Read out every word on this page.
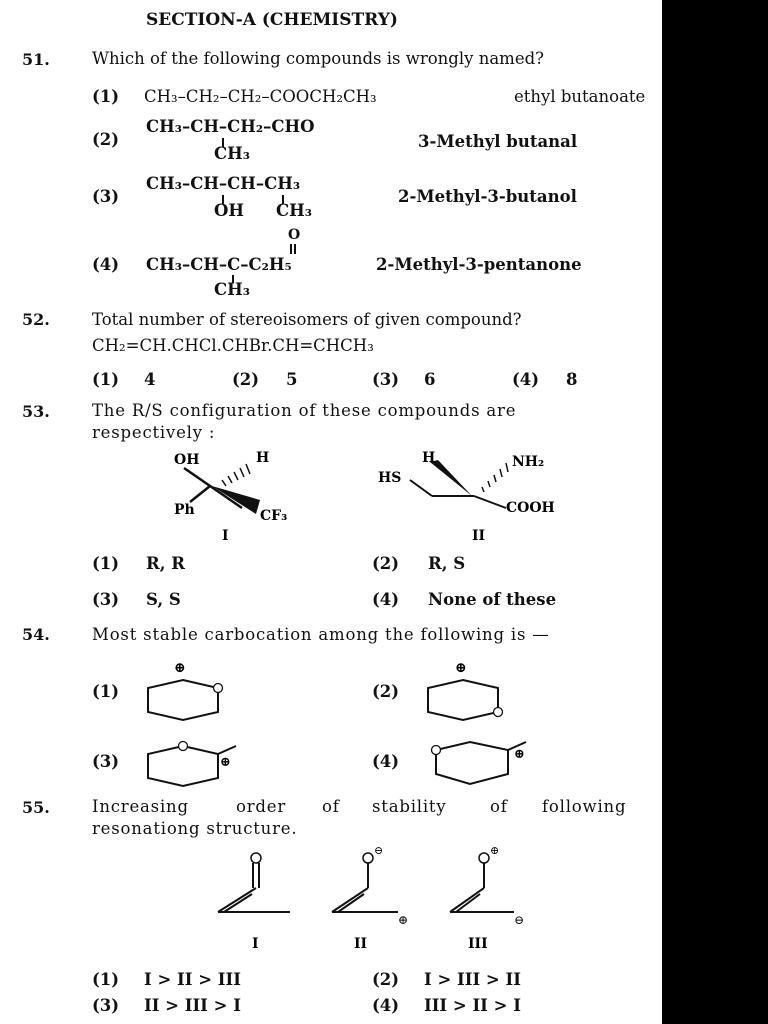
SECTION-A (CHEMISTRY)
51.	Which of the following compounds is wrongly named?
(1) CH₃–CH₂–CH₂–COOCH₂CH₃	ethyl butanoate
(2)
CH₃–CH–CH₂–CHO
CH₃
3-Methyl butanal
(3)
CH₃–CH–CH–CH₃
OH CH₃
2-Methyl-3-butanol
O
(4) CH₃–CH–C–C₂H₅
CH₃
2-Methyl-3-pentanone
52.	Total number of stereoisomers of given compound?
CH₂=CH.CHCl.CHBr.CH=CHCH₃
(1) 4	(2) 5	(3) 6	(4) 8
53.	The R/S configuration of these compounds are
respectively :
OH	H
Ph	CF₃
I
H	NH₂
HS
COOH
II
(1) R, R	(2) R, S
(3) S, S	(4) None of these
54.	Most stable carbocation among the following is —
(1)	(2)
(3)	(4)
⊕	⊕
⊕
⊕
55.	Increasing	order of stability	of following
resonationg structure.
I
⊖
⊕
II
⊕
⊖
III
(1) I > II > III	(2) I > III > II
(3) II > III > I	(4) III > II > I
